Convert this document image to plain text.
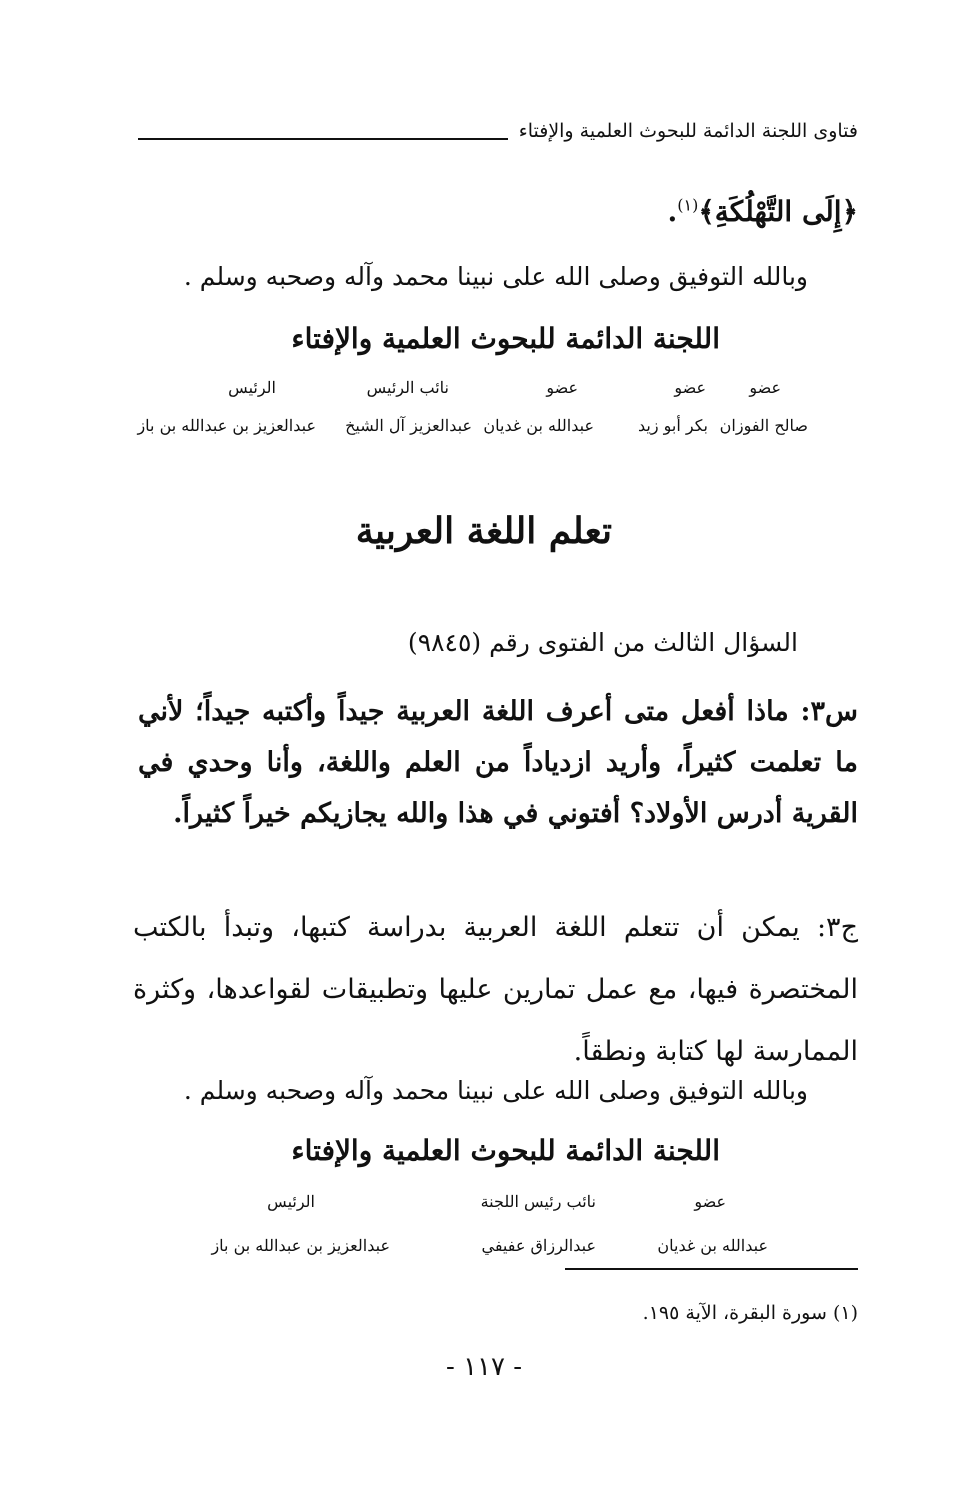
فتاوى اللجنة الدائمة للبحوث العلمية والإفتاء
﴿إِلَى التَّهْلُكَةِ﴾$^{(١)}$.
وبالله التوفيق وصلى الله على نبينا محمد وآله وصحبه وسلم .
اللجنة الدائمة للبحوث العلمية والإفتاء
عضو
عضو
عضو
نائب الرئيس
الرئيس
صالح الفوزان
بكر أبو زيد
عبدالله بن غديان
عبدالعزيز آل الشيخ
عبدالعزيز بن عبدالله بن باز
تعلم اللغة العربية
السؤال الثالث من الفتوى رقم (٩٨٤٥)
س٣: ماذا أفعل متى أعرف اللغة العربية جيداً وأكتبه جيداً؛ لأني ما تعلمت كثيراً، وأريد ازدياداً من العلم واللغة، وأنا وحدي في القرية أدرس الأولاد؟ أفتوني في هذا والله يجازيكم خيراً كثيراً.
ج٣: يمكن أن تتعلم اللغة العربية بدراسة كتبها، وتبدأ بالكتب المختصرة فيها، مع عمل تمارين عليها وتطبيقات لقواعدها، وكثرة الممارسة لها كتابة ونطقاً.
وبالله التوفيق وصلى الله على نبينا محمد وآله وصحبه وسلم .
اللجنة الدائمة للبحوث العلمية والإفتاء
عضو
نائب رئيس اللجنة
الرئيس
عبدالله بن غديان
عبدالرزاق عفيفي
عبدالعزيز بن عبدالله بن باز
(١) سورة البقرة، الآية ١٩٥.
- ١١٧ -
